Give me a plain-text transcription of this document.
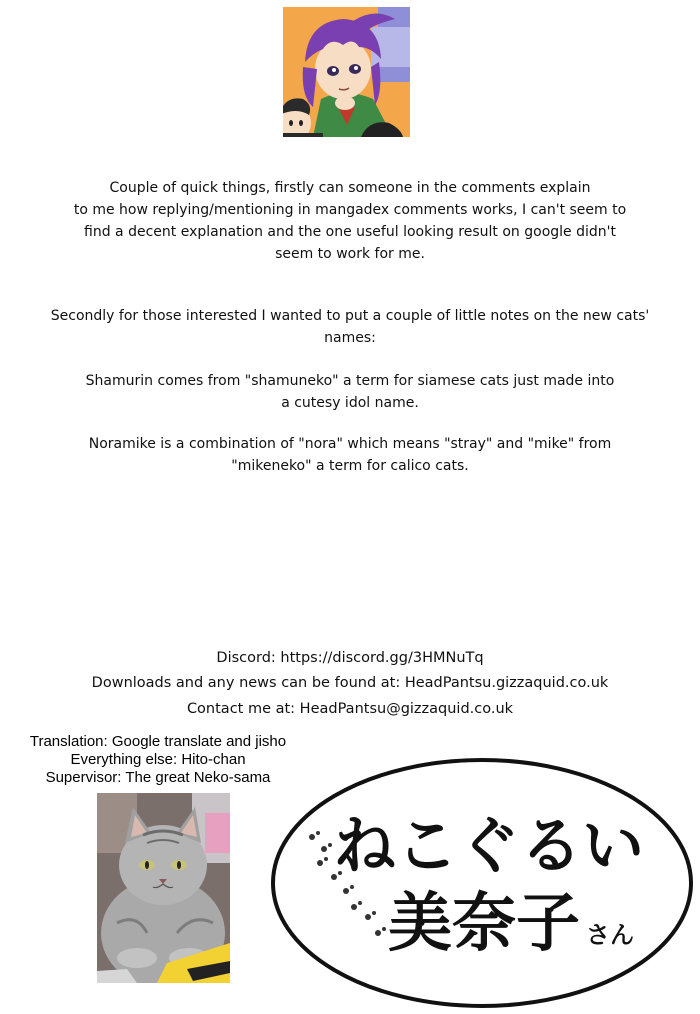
Couple of quick things, firstly can someone in the comments explain
to me how replying/mentioning in mangadex comments works, I can't seem to
find a decent explanation and the one useful looking result on google didn't
seem to work for me.
Secondly for those interested I wanted to put a couple of little notes on the new cats'
names:
Shamurin comes from "shamuneko" a term for siamese cats just made into
a cutesy idol name.
Noramike is a combination of "nora" which means "stray" and "mike" from
"mikeneko" a term for calico cats.
Discord: https://discord.gg/3HMNuTq
Downloads and any news can be found at: HeadPantsu.gizzaquid.co.uk
Contact me at: HeadPantsu@gizzaquid.co.uk
Translation: Google translate and jisho
Everything else: Hito-chan
Supervisor: The great Neko-sama
ねこぐるい
美奈子 さん
